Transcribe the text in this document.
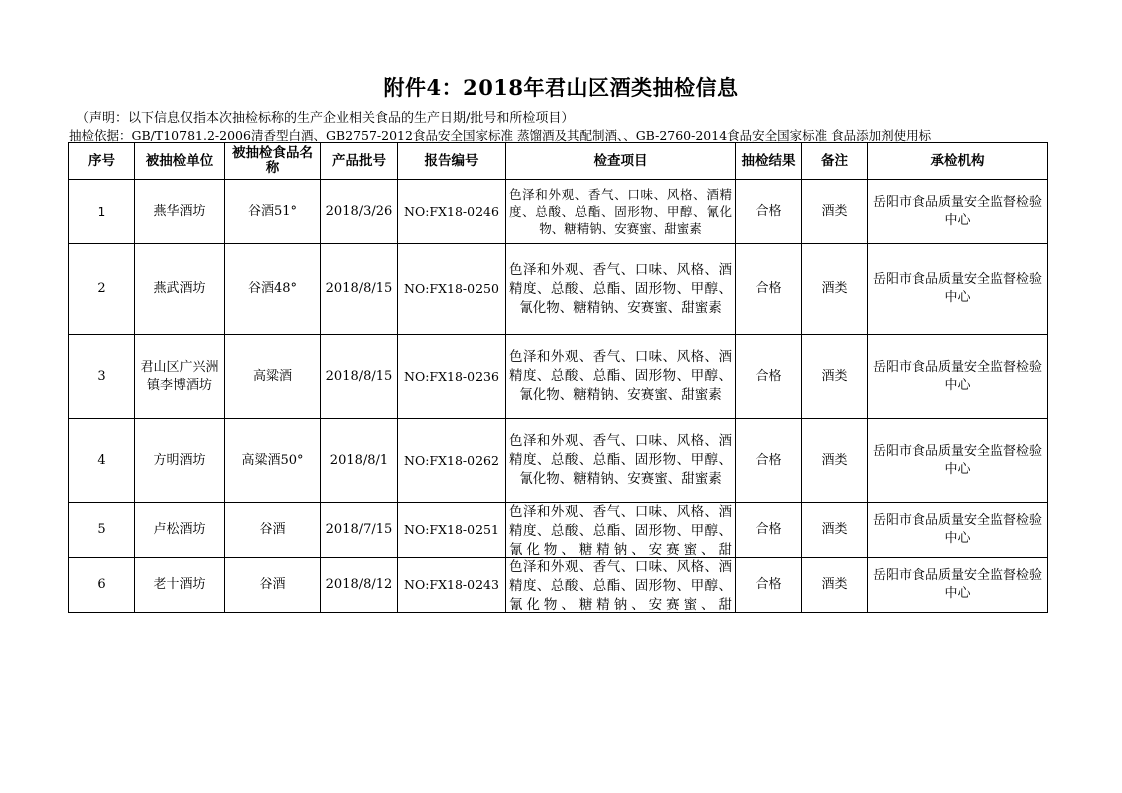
附件4：2018年君山区酒类抽检信息
（声明：以下信息仅指本次抽检标称的生产企业相关食品的生产日期/批号和所检项目）
抽检依据：GB/T10781.2-2006清香型白酒、GB2757-2012食品安全国家标准 蒸馏酒及其配制酒、、GB-2760-2014食品安全国家标准 食品添加剂使用标
序号	被抽检单位	被抽检食品名称	产品批号	报告编号	检查项目	抽检结果	备注	承检机构
1	燕华酒坊	谷酒51°	2018/3/26	NO:FX18-0246	色泽和外观、香气、口味、风格、酒精度、总酸、总酯、固形物、甲醇、氰化物、糖精钠、安赛蜜、甜蜜素	合格	酒类	岳阳市食品质量安全监督检验中心
2	燕武酒坊	谷酒48°	2018/8/15	NO:FX18-0250	色泽和外观、香气、口味、风格、酒精度、总酸、总酯、固形物、甲醇、氰化物、糖精钠、安赛蜜、甜蜜素	合格	酒类	岳阳市食品质量安全监督检验中心
3	君山区广兴洲镇李博酒坊	高粱酒	2018/8/15	NO:FX18-0236	色泽和外观、香气、口味、风格、酒精度、总酸、总酯、固形物、甲醇、氰化物、糖精钠、安赛蜜、甜蜜素	合格	酒类	岳阳市食品质量安全监督检验中心
4	方明酒坊	高粱酒50°	2018/8/1	NO:FX18-0262	色泽和外观、香气、口味、风格、酒精度、总酸、总酯、固形物、甲醇、氰化物、糖精钠、安赛蜜、甜蜜素	合格	酒类	岳阳市食品质量安全监督检验中心
5	卢松酒坊	谷酒	2018/7/15	NO:FX18-0251	色泽和外观、香气、口味、风格、酒精度、总酸、总酯、固形物、甲醇、氰化物、糖精钠、安赛蜜、甜	合格	酒类	岳阳市食品质量安全监督检验中心
6	老十酒坊	谷酒	2018/8/12	NO:FX18-0243	色泽和外观、香气、口味、风格、酒精度、总酸、总酯、固形物、甲醇、氰化物、糖精钠、安赛蜜、甜	合格	酒类	岳阳市食品质量安全监督检验中心
